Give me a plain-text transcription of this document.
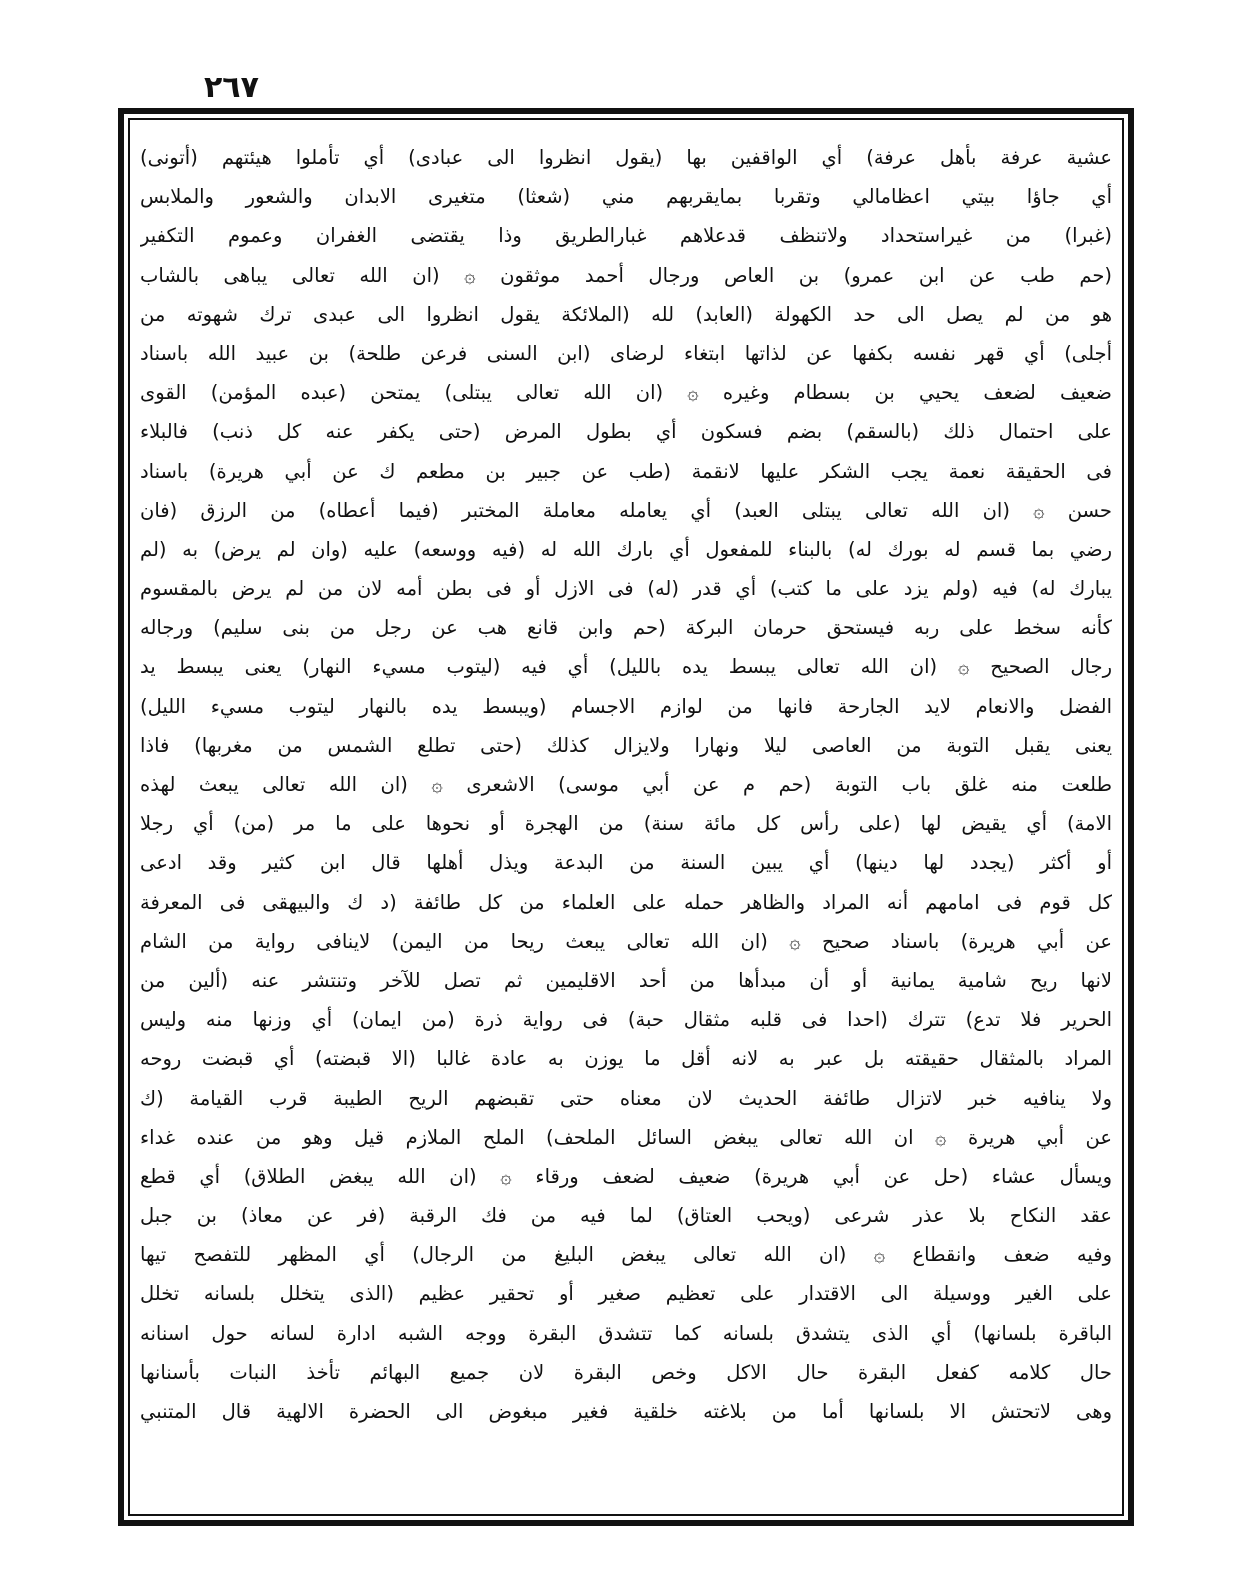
٢٦٧
عشية عرفة بأهل عرفة) أي الواقفين بها (يقول انظروا الى عبادى) أي تأملوا هيئتهم (أتونى)
أي جاؤا بيتي اعظامالي وتقربا بمايقربهم مني (شعثا) متغيرى الابدان والشعور والملابس
(غبرا) من غيراستحداد ولاتنظف قدعلاهم غبارالطريق وذا يقتضى الغفران وعموم التكفير
(حم طب عن ابن عمرو) بن العاص ورجال أحمد موثقون ۞ (ان الله تعالى يباهى بالشاب
هو من لم يصل الى حد الكهولة (العابد) لله (الملائكة يقول انظروا الى عبدى ترك شهوته من
أجلى) أي قهر نفسه بكفها عن لذاتها ابتغاء لرضاى (ابن السنى فرعن طلحة) بن عبيد الله باسناد
ضعيف لضعف يحيي بن بسطام وغيره ۞ (ان الله تعالى يبتلى) يمتحن (عبده المؤمن) القوى
على احتمال ذلك (بالسقم) بضم فسكون أي بطول المرض (حتى يكفر عنه كل ذنب) فالبلاء
فى الحقيقة نعمة يجب الشكر عليها لانقمة (طب عن جبير بن مطعم ك عن أبي هريرة) باسناد
حسن ۞ (ان الله تعالى يبتلى العبد) أي يعامله معاملة المختبر (فيما أعطاه) من الرزق (فان
رضي بما قسم له بورك له) بالبناء للمفعول أي بارك الله له (فيه ووسعه) عليه (وان لم يرض) به (لم
يبارك له) فيه (ولم يزد على ما كتب) أي قدر (له) فى الازل أو فى بطن أمه لان من لم يرض بالمقسوم
كأنه سخط على ربه فيستحق حرمان البركة (حم وابن قانع هب عن رجل من بنى سليم) ورجاله
رجال الصحيح ۞ (ان الله تعالى يبسط يده بالليل) أي فيه (ليتوب مسيء النهار) يعنى يبسط يد
الفضل والانعام لايد الجارحة فانها من لوازم الاجسام (ويبسط يده بالنهار ليتوب مسيء الليل)
يعنى يقبل التوبة من العاصى ليلا ونهارا ولايزال كذلك (حتى تطلع الشمس من مغربها) فاذا
طلعت منه غلق باب التوبة (حم م عن أبي موسى) الاشعرى ۞ (ان الله تعالى يبعث لهذه
الامة) أي يقيض لها (على رأس كل مائة سنة) من الهجرة أو نحوها على ما مر (من) أي رجلا
أو أكثر (يجدد لها دينها) أي يبين السنة من البدعة ويذل أهلها قال ابن كثير وقد ادعى
كل قوم فى امامهم أنه المراد والظاهر حمله على العلماء من كل طائفة (د ك والبيهقى فى المعرفة
عن أبي هريرة) باسناد صحيح ۞ (ان الله تعالى يبعث ريحا من اليمن) لاينافى رواية من الشام
لانها ريح شامية يمانية أو أن مبدأها من أحد الاقليمين ثم تصل للآخر وتنتشر عنه (ألين من
الحرير فلا تدع) تترك (احدا فى قلبه مثقال حبة) فى رواية ذرة (من ايمان) أي وزنها منه وليس
المراد بالمثقال حقيقته بل عبر به لانه أقل ما يوزن به عادة غالبا (الا قبضته) أي قبضت روحه
ولا ينافيه خبر لاتزال طائفة الحديث لان معناه حتى تقبضهم الريح الطيبة قرب القيامة (ك
عن أبي هريرة ۞ ان الله تعالى يبغض السائل الملحف) الملح الملازم قيل وهو من عنده غداء
ويسأل عشاء (حل عن أبي هريرة) ضعيف لضعف ورقاء ۞ (ان الله يبغض الطلاق) أي قطع
عقد النكاح بلا عذر شرعى (ويحب العتاق) لما فيه من فك الرقبة (فر عن معاذ) بن جبل
وفيه ضعف وانقطاع ۞ (ان الله تعالى يبغض البليغ من الرجال) أي المظهر للتفصح تيها
على الغير ووسيلة الى الاقتدار على تعظيم صغير أو تحقير عظيم (الذى يتخلل بلسانه تخلل
الباقرة بلسانها) أي الذى يتشدق بلسانه كما تتشدق البقرة ووجه الشبه ادارة لسانه حول اسنانه
حال كلامه كفعل البقرة حال الاكل وخص البقرة لان جميع البهائم تأخذ النبات بأسنانها
وهى لاتحتش الا بلسانها أما من بلاغته خلقية فغير مبغوض الى الحضرة الالهية قال المتنبي
